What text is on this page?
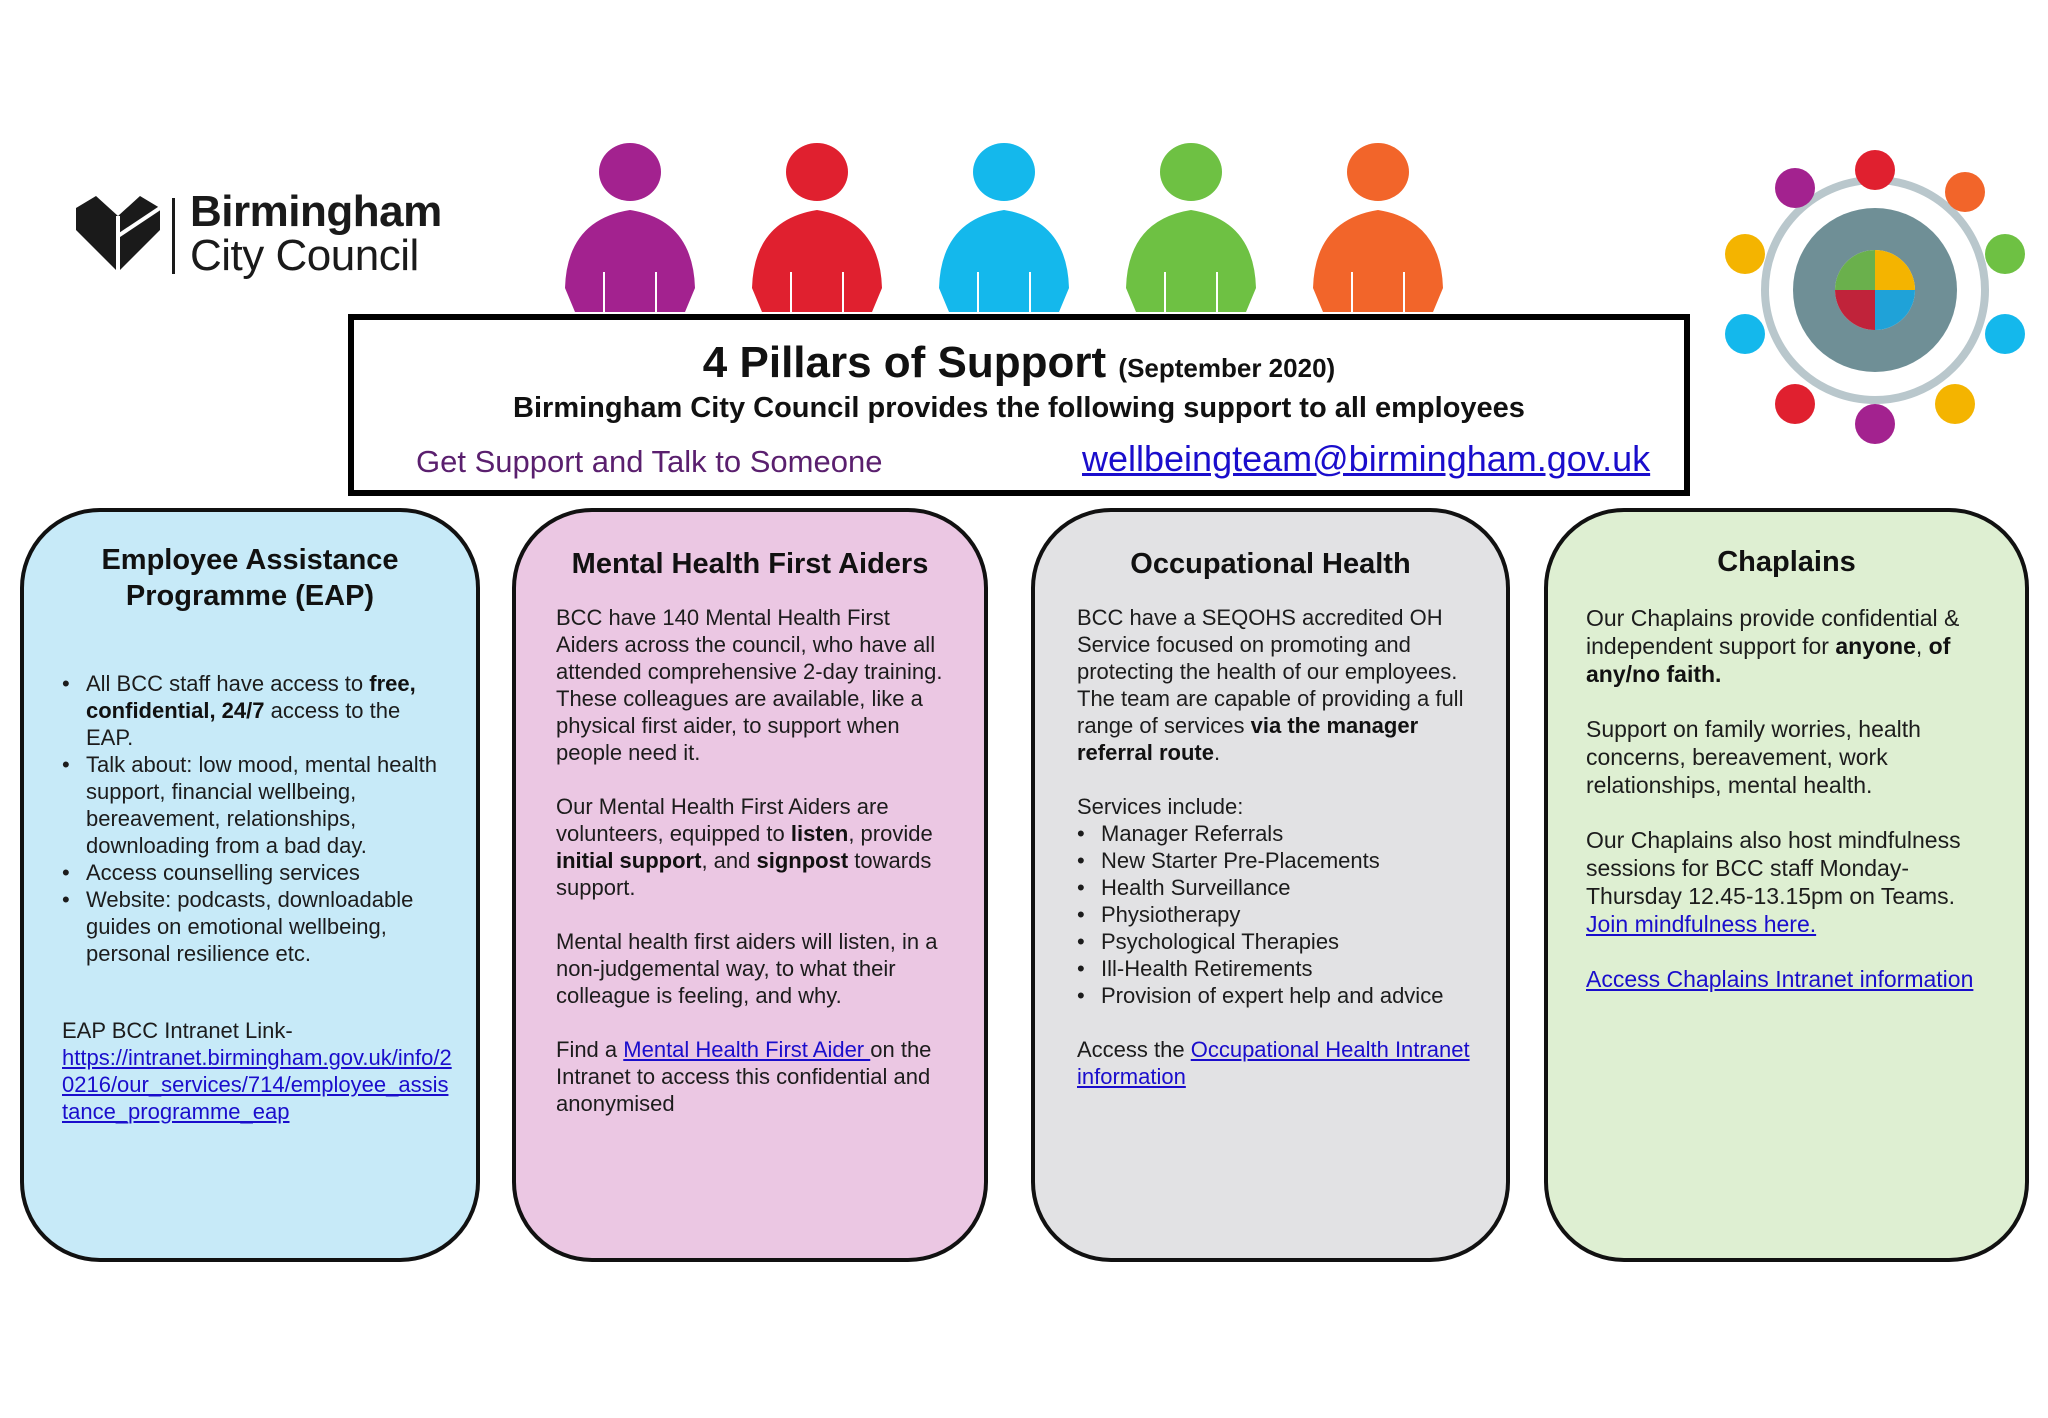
Birmingham
City Council
4 Pillars of Support (September 2020)
Birmingham City Council provides the following support to all employees
Get Support and Talk to Someone	wellbeingteam@birmingham.gov.uk
Employee Assistance
Programme (EAP)
• All BCC staff have access to free, confidential, 24/7 access to the EAP.
• Talk about: low mood, mental health support, financial wellbeing, bereavement, relationships, downloading from a bad day.
• Access counselling services
• Website: podcasts, downloadable guides on emotional wellbeing, personal resilience etc.

EAP BCC Intranet Link-

https://intranet.birmingham.gov.uk/info/20216/our_services/714/employee_assistance_programme_eap

Mental Health First Aiders

BCC have 140 Mental Health First Aiders across the council, who have all attended comprehensive 2-day training. These colleagues are available, like a physical first aider, to support when people need it.

Our Mental Health First Aiders are volunteers, equipped to listen, provide initial support, and signpost towards support.

Mental health first aiders will listen, in a non-judgemental way, to what their colleague is feeling, and why.

Find a Mental Health First Aider on the Intranet to access this confidential and anonymised

Occupational Health

BCC have a SEQOHS accredited OH Service focused on promoting and protecting the health of our employees. The team are capable of providing a full range of services via the manager referral route.

Services include:

• Manager Referrals
• New Starter Pre-Placements
• Health Surveillance
• Physiotherapy
• Psychological Therapies
• Ill-Health Retirements
• Provision of expert help and advice

Access the Occupational Health Intranet information

Chaplains

Our Chaplains provide confidential & independent support for anyone, of any/no faith.

Support on family worries, health concerns, bereavement, work relationships, mental health.

Our Chaplains also host mindfulness sessions for BCC staff Monday-Thursday 12.45-13.15pm on Teams.

Join mindfulness here.

Access Chaplains Intranet information
